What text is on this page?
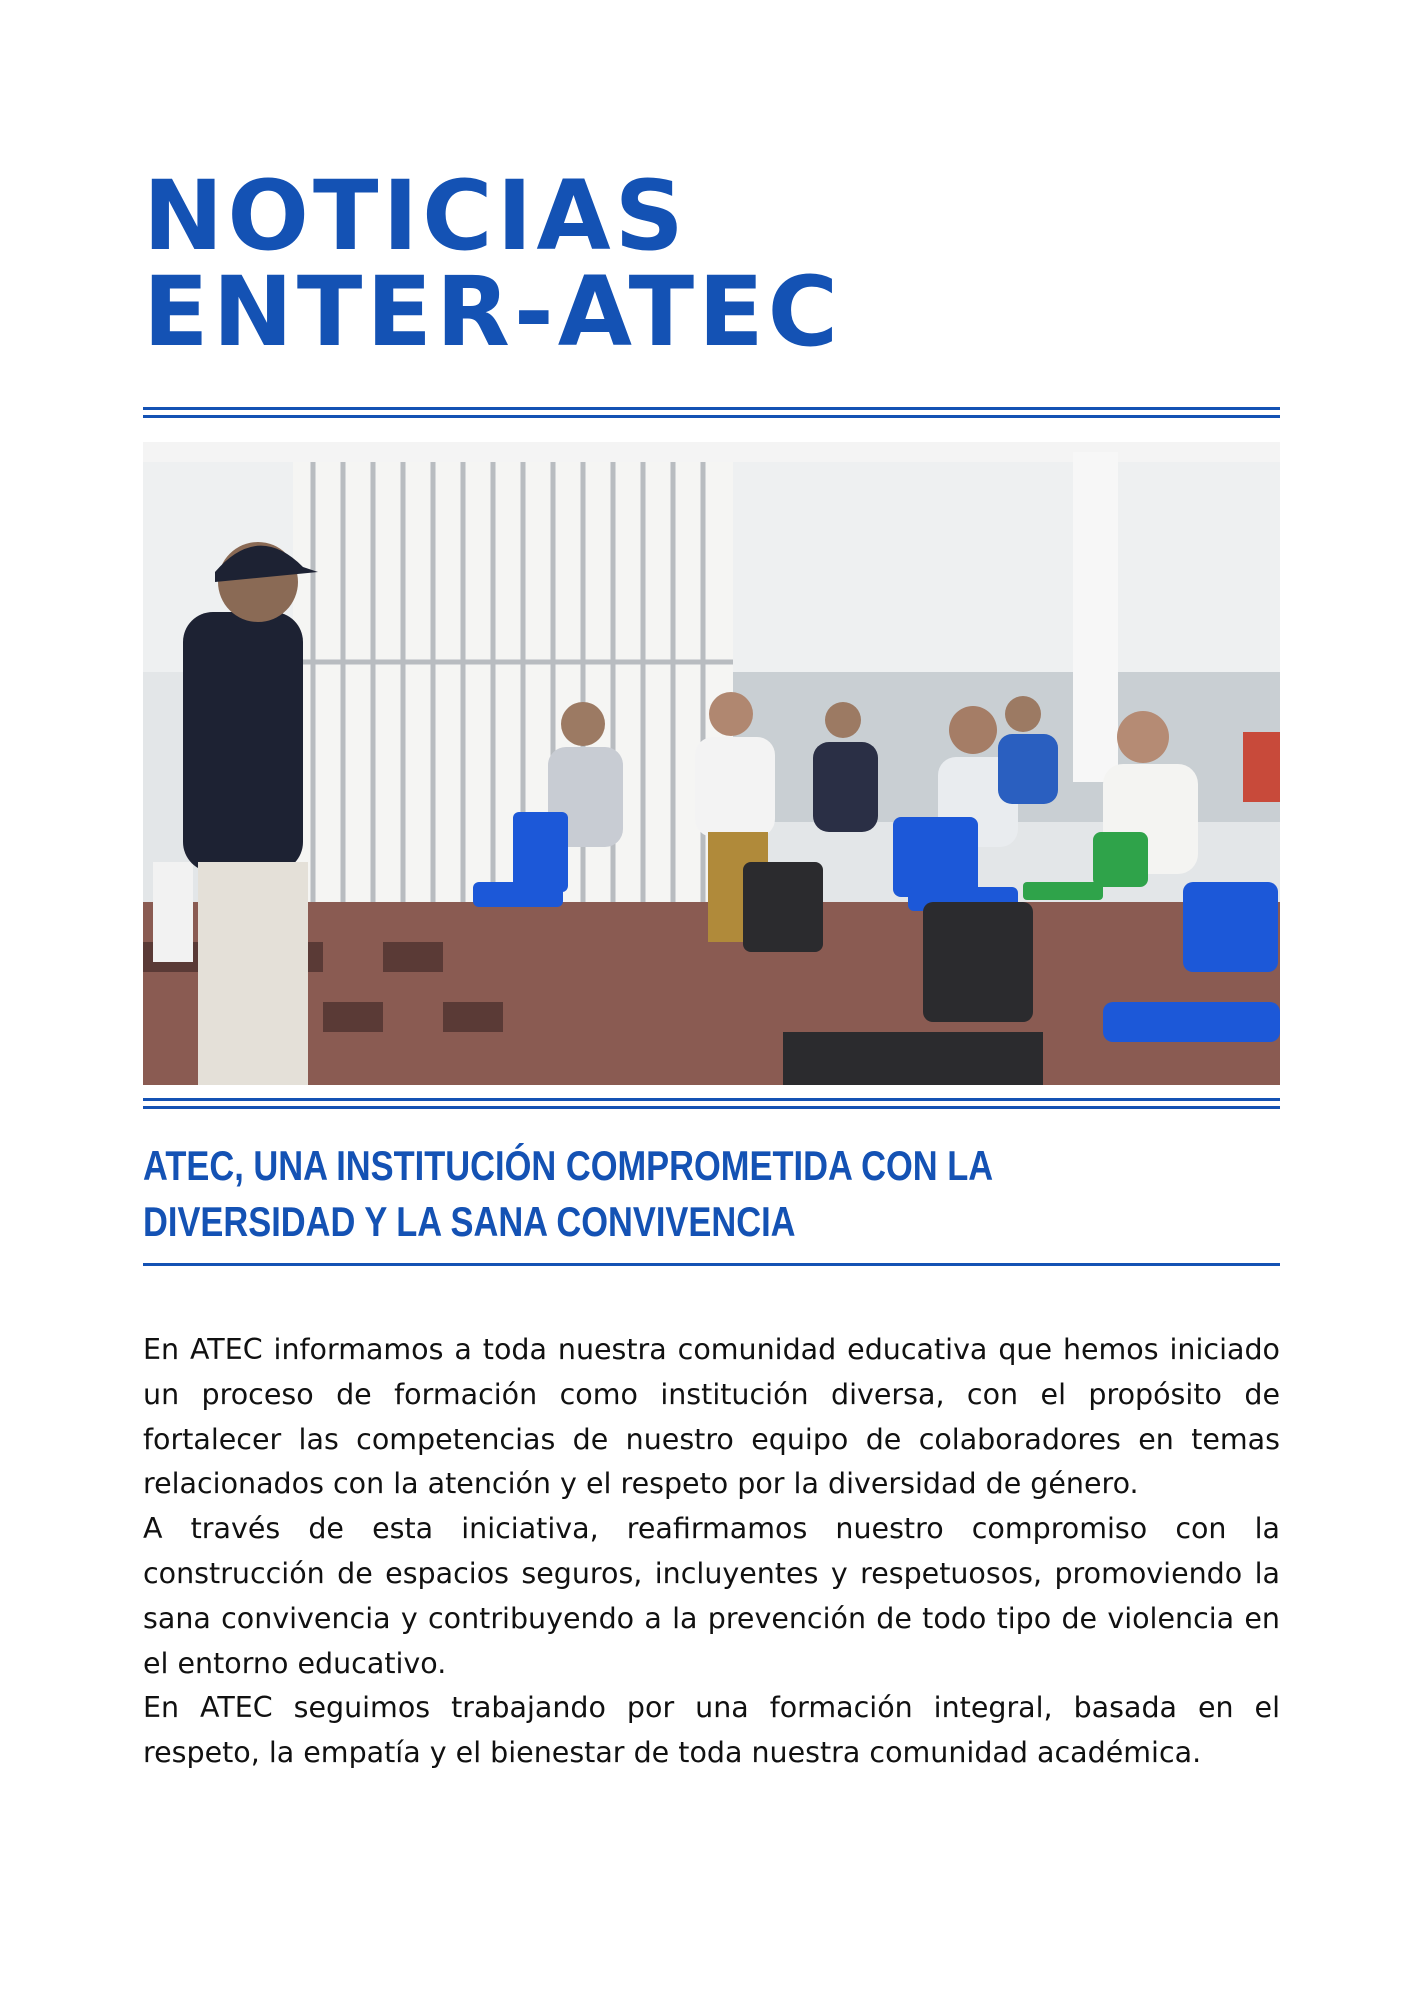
NOTICIAS
ENTER-ATEC
ATEC, UNA INSTITUCIÓN COMPROMETIDA CON LA
DIVERSIDAD Y LA SANA CONVIVENCIA

En ATEC informamos a toda nuestra comunidad educativa que hemos iniciado un proceso de formación como institución diversa, con el propósito de fortalecer las competencias de nuestro equipo de colaboradores en temas relacionados con la atención y el respeto por la diversidad de género.

A través de esta iniciativa, reafirmamos nuestro compromiso con la construcción de espacios seguros, incluyentes y respetuosos, promoviendo la sana convivencia y contribuyendo a la prevención de todo tipo de violencia en el entorno educativo.

En ATEC seguimos trabajando por una formación integral, basada en el respeto, la empatía y el bienestar de toda nuestra comunidad académica.
